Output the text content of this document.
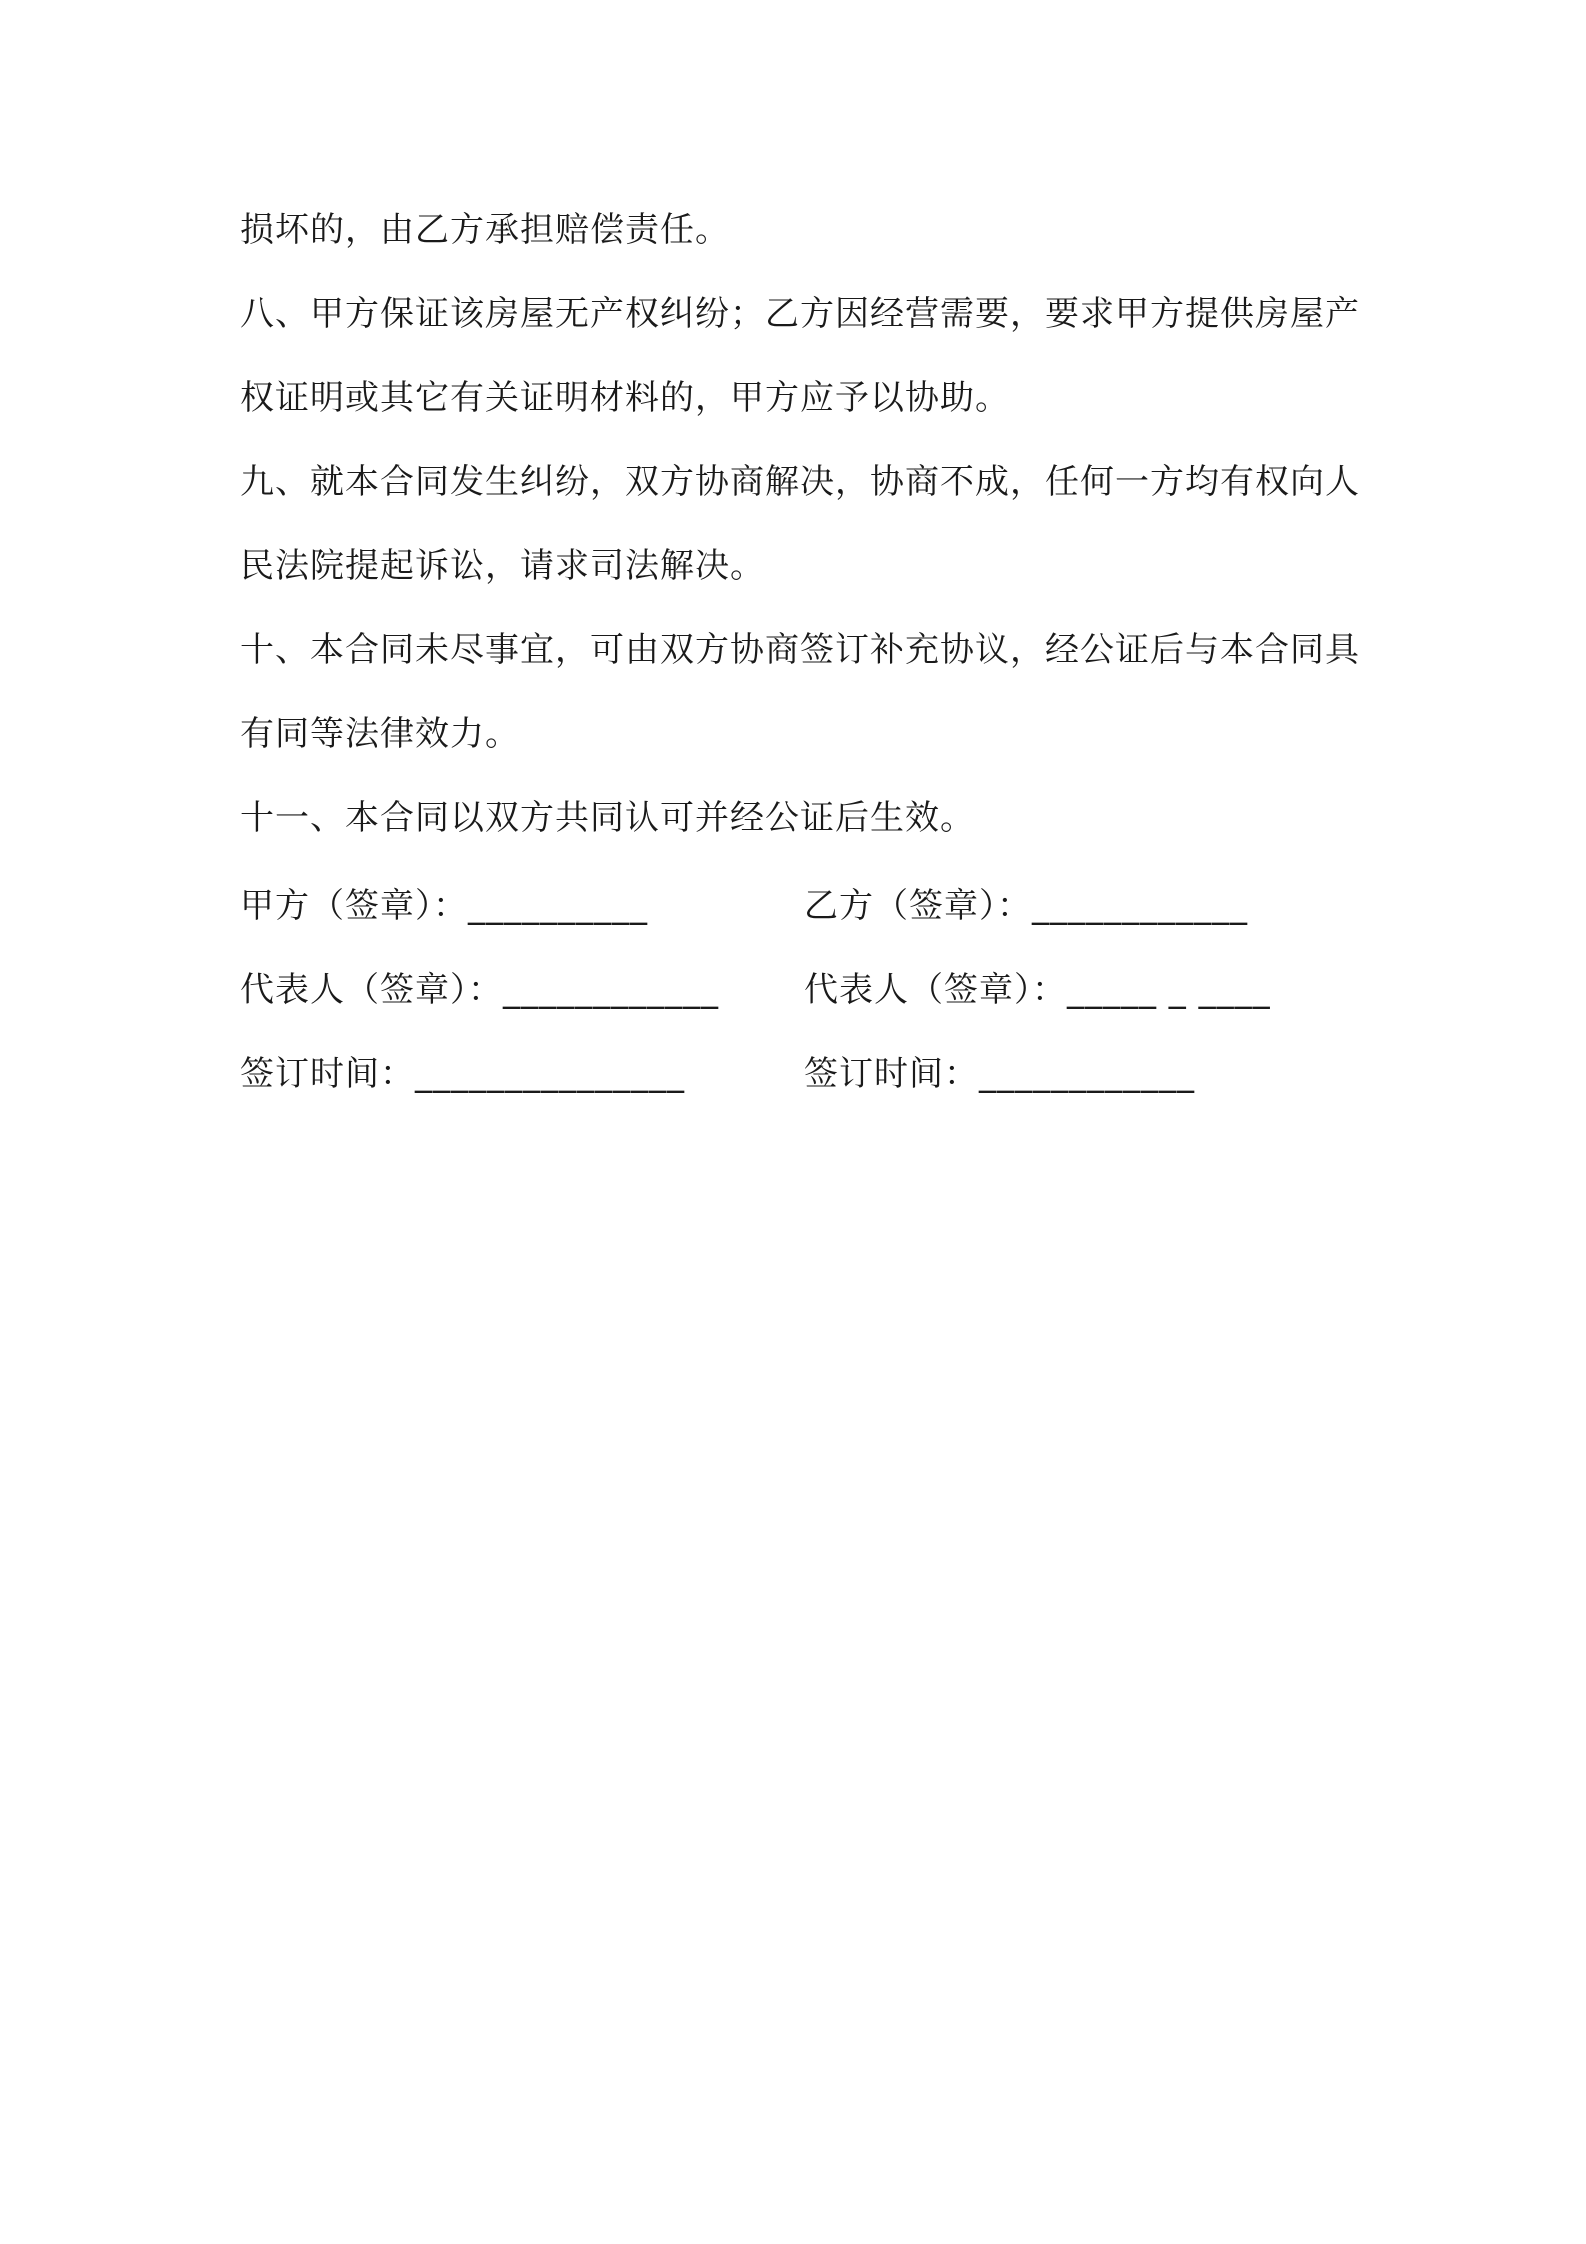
损坏的，由乙方承担赔偿责任。

八、甲方保证该房屋无产权纠纷；乙方因经营需要，要求甲方提供房屋产权证明或其它有关证明材料的，甲方应予以协助。

九、就本合同发生纠纷，双方协商解决，协商不成，任何一方均有权向人民法院提起诉讼，请求司法解决。

十、本合同未尽事宜，可由双方协商签订补充协议，经公证后与本合同具有同等法律效力。

十一、本合同以双方共同认可并经公证后生效。

甲方（签章）：__________	乙方（签章）：____________
代表人（签章）：____________	代表人（签章）：_____ _ ____
签订时间：_______________	签订时间：____________
